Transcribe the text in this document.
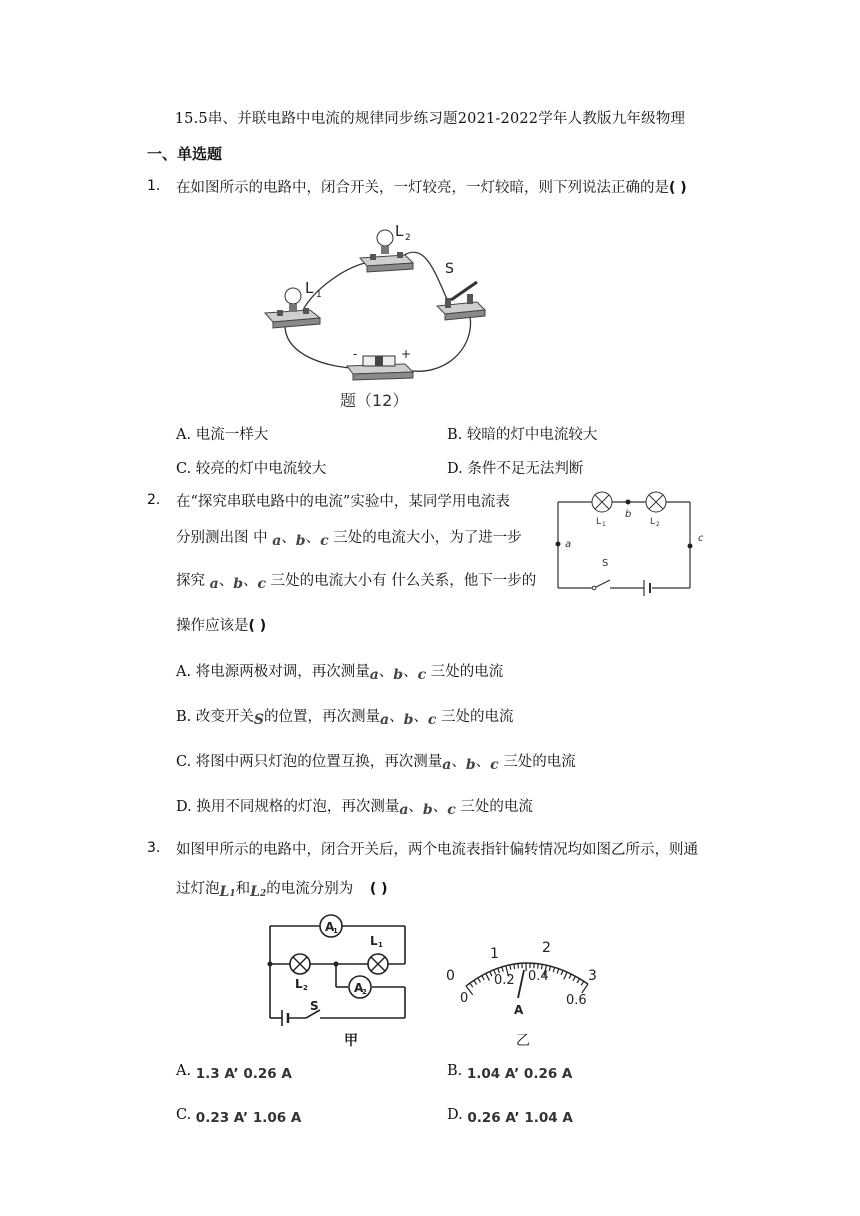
15.5串、并联电路中电流的规律同步练习题2021-2022学年人教版九年级物理
一、单选题
1. 在如图所示的电路中，闭合开关，一灯较亮，一灯较暗，则下列说法正确的是( )
L 1
L 2
S
-	+
题（12）
A. 电流一样大	B. 较暗的灯中电流较大
C. 较亮的灯中电流较大	D. 条件不足无法判断
2. 在“探究串联电路中的电流”实验中，某同学用电流表
分别测出图 中 a、b、c 三处的电流大小，为了进一步
探究 a、b、c 三处的电流大小有 什么关系，他下一步的
操作应该是( )
L 1	L 2
b
a
c
S
A. 将电源两极对调，再次测量a、b、c 三处的电流
B. 改变开关S的位置，再次测量a、b、c 三处的电流
C. 将图中两只灯泡的位置互换，再次测量a、b、c 三处的电流
D. 换用不同规格的灯泡，再次测量a、b、c 三处的电流
3. 如图甲所示的电路中，闭合开关后，两个电流表指针偏转情况均如图乙所示，则通
过灯泡$L_1$和$L_2$的电流分别为 ( )
A
1
A
2
L 1
L 2
S
甲
0
1	2
3
0
0.2 0.4
0.6
A
乙
A. 1.3 A’ 0.26 A	B. 1.04 A’ 0.26 A
C. 0.23 A’ 1.06 A	D. 0.26 A’ 1.04 A
